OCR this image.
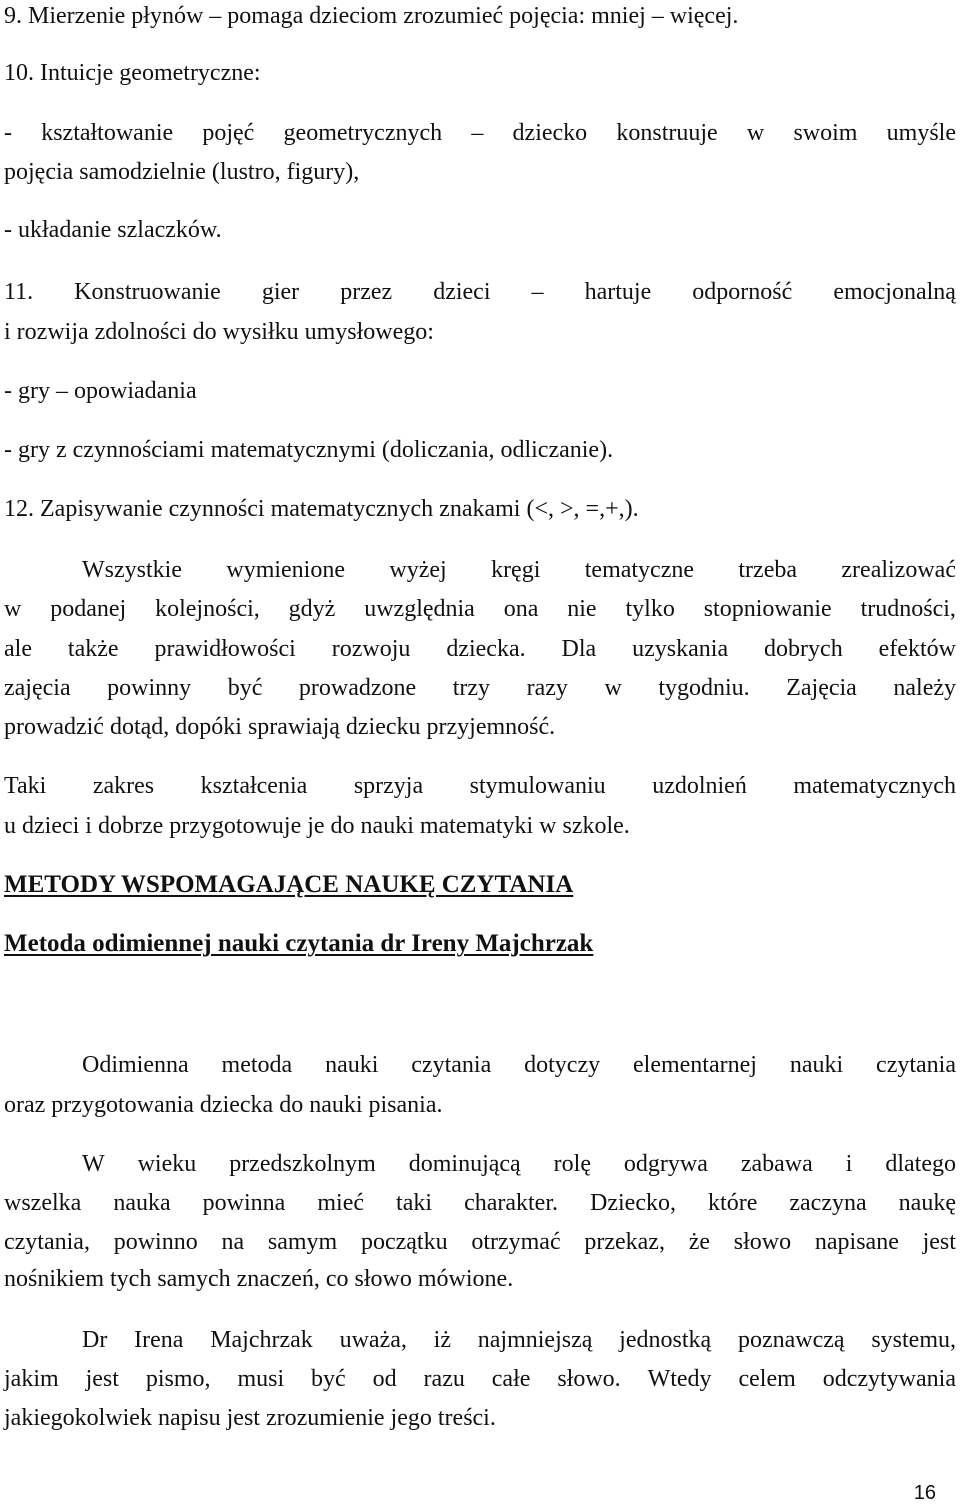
9. Mierzenie płynów – pomaga dzieciom zrozumieć pojęcia: mniej – więcej.
10. Intuicje geometryczne:
- kształtowanie pojęć geometrycznych – dziecko konstruuje w swoim umyśle
pojęcia samodzielnie (lustro, figury),
- układanie szlaczków.
11. Konstruowanie gier przez dzieci – hartuje odporność emocjonalną
i rozwija zdolności do wysiłku umysłowego:
- gry – opowiadania
- gry z czynnościami matematycznymi (doliczania, odliczanie).
12. Zapisywanie czynności matematycznych znakami (<, >, =,+,).
Wszystkie wymienione wyżej kręgi tematyczne trzeba zrealizować
w podanej kolejności, gdyż uwzględnia ona nie tylko stopniowanie trudności,
ale także prawidłowości rozwoju dziecka. Dla uzyskania dobrych efektów
zajęcia powinny być prowadzone trzy razy w tygodniu. Zajęcia należy
prowadzić dotąd, dopóki sprawiają dziecku przyjemność.
Taki zakres kształcenia sprzyja stymulowaniu uzdolnień matematycznych
u dzieci i dobrze przygotowuje je do nauki matematyki w szkole.
METODY WSPOMAGAJĄCE NAUKĘ CZYTANIA
Metoda odimiennej nauki czytania dr Ireny Majchrzak
Odimienna metoda nauki czytania dotyczy elementarnej nauki czytania
oraz przygotowania dziecka do nauki pisania.
W wieku przedszkolnym dominującą rolę odgrywa zabawa i dlatego
wszelka nauka powinna mieć taki charakter. Dziecko, które zaczyna naukę
czytania, powinno na samym początku otrzymać przekaz, że słowo napisane jest
nośnikiem tych samych znaczeń, co słowo mówione.
Dr Irena Majchrzak uważa, iż najmniejszą jednostką poznawczą systemu,
jakim jest pismo, musi być od razu całe słowo. Wtedy celem odczytywania
jakiegokolwiek napisu jest zrozumienie jego treści.
16
